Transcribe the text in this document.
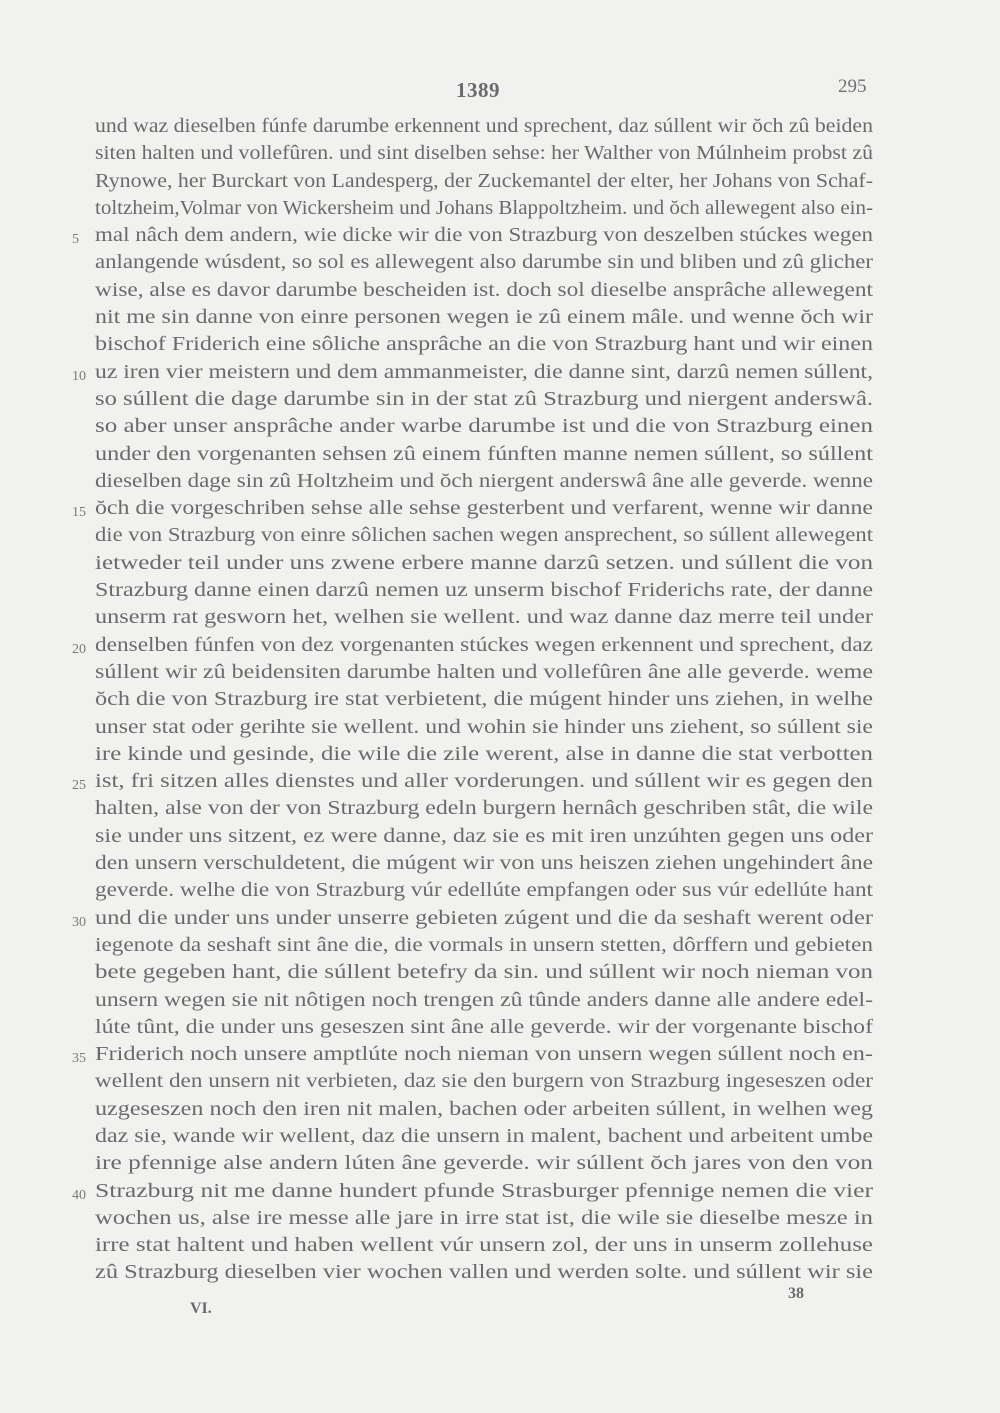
1389	295
und waz dieselben fúnfe darumbe erkennent und sprechent, daz súllent wir ŏch zû beiden
siten halten und vollefûren. und sint diselben sehse: her Walther von Múlnheim probst zû
Rynowe, her Burckart von Landesperg, der Zuckemantel der elter, her Johans von Schaf-
toltzheim,Volmar von Wickersheim und Johans Blappoltzheim. und ŏch allewegent also ein-
5 mal nâch dem andern, wie dicke wir die von Strazburg von deszelben stúckes wegen
anlangende wúsdent, so sol es allewegent also darumbe sin und bliben und zû glicher
wise, alse es davor darumbe bescheiden ist. doch sol dieselbe ansprâche allewegent
nit me sin danne von einre personen wegen ie zû einem mâle. und wenne ŏch wir
bischof Friderich eine sôliche ansprâche an die von Strazburg hant und wir einen
10 uz iren vier meistern und dem ammanmeister, die danne sint, darzû nemen súllent,
so súllent die dage darumbe sin in der stat zû Strazburg und niergent anderswâ.
so aber unser ansprâche ander warbe darumbe ist und die von Strazburg einen
under den vorgenanten sehsen zû einem fúnften manne nemen súllent, so súllent
dieselben dage sin zû Holtzheim und ŏch niergent anderswâ âne alle geverde. wenne
15 ŏch die vorgeschriben sehse alle sehse gesterbent und verfarent, wenne wir danne
die von Strazburg von einre sôlichen sachen wegen ansprechent, so súllent allewegent
ietweder teil under uns zwene erbere manne darzû setzen. und súllent die von
Strazburg danne einen darzû nemen uz unserm bischof Friderichs rate, der danne
unserm rat gesworn het, welhen sie wellent. und waz danne daz merre teil under
20 denselben fúnfen von dez vorgenanten stúckes wegen erkennent und sprechent, daz
súllent wir zû beidensiten darumbe halten und vollefûren âne alle geverde. weme
ŏch die von Strazburg ire stat verbietent, die múgent hinder uns ziehen, in welhe
unser stat oder gerihte sie wellent. und wohin sie hinder uns ziehent, so súllent sie
ire kinde und gesinde, die wile die zile werent, alse in danne die stat verbotten
25 ist, fri sitzen alles dienstes und aller vorderungen. und súllent wir es gegen den
halten, alse von der von Strazburg edeln burgern hernâch geschriben stât, die wile
sie under uns sitzent, ez were danne, daz sie es mit iren unzúhten gegen uns oder
den unsern verschuldetent, die múgent wir von uns heiszen ziehen ungehindert âne
geverde. welhe die von Strazburg vúr edellúte empfangen oder sus vúr edellúte hant
30 und die under uns under unserre gebieten zúgent und die da seshaft werent oder
iegenote da seshaft sint âne die, die vormals in unsern stetten, dôrffern und gebieten
bete gegeben hant, die súllent betefry da sin. und súllent wir noch nieman von
unsern wegen sie nit nôtigen noch trengen zû tûnde anders danne alle andere edel-
lúte tûnt, die under uns geseszen sint âne alle geverde. wir der vorgenante bischof
35 Friderich noch unsere amptlúte noch nieman von unsern wegen súllent noch en-
wellent den unsern nit verbieten, daz sie den burgern von Strazburg ingeseszen oder
uzgeseszen noch den iren nit malen, bachen oder arbeiten súllent, in welhen weg
daz sie, wande wir wellent, daz die unsern in malent, bachent und arbeitent umbe
ire pfennige alse andern lúten âne geverde. wir súllent ŏch jares von den von
40 Strazburg nit me danne hundert pfunde Strasburger pfennige nemen die vier
wochen us, alse ire messe alle jare in irre stat ist, die wile sie dieselbe mesze in
irre stat haltent und haben wellent vúr unsern zol, der uns in unserm zollehuse
zû Strazburg dieselben vier wochen vallen und werden solte. und súllent wir sie
38
VI.
